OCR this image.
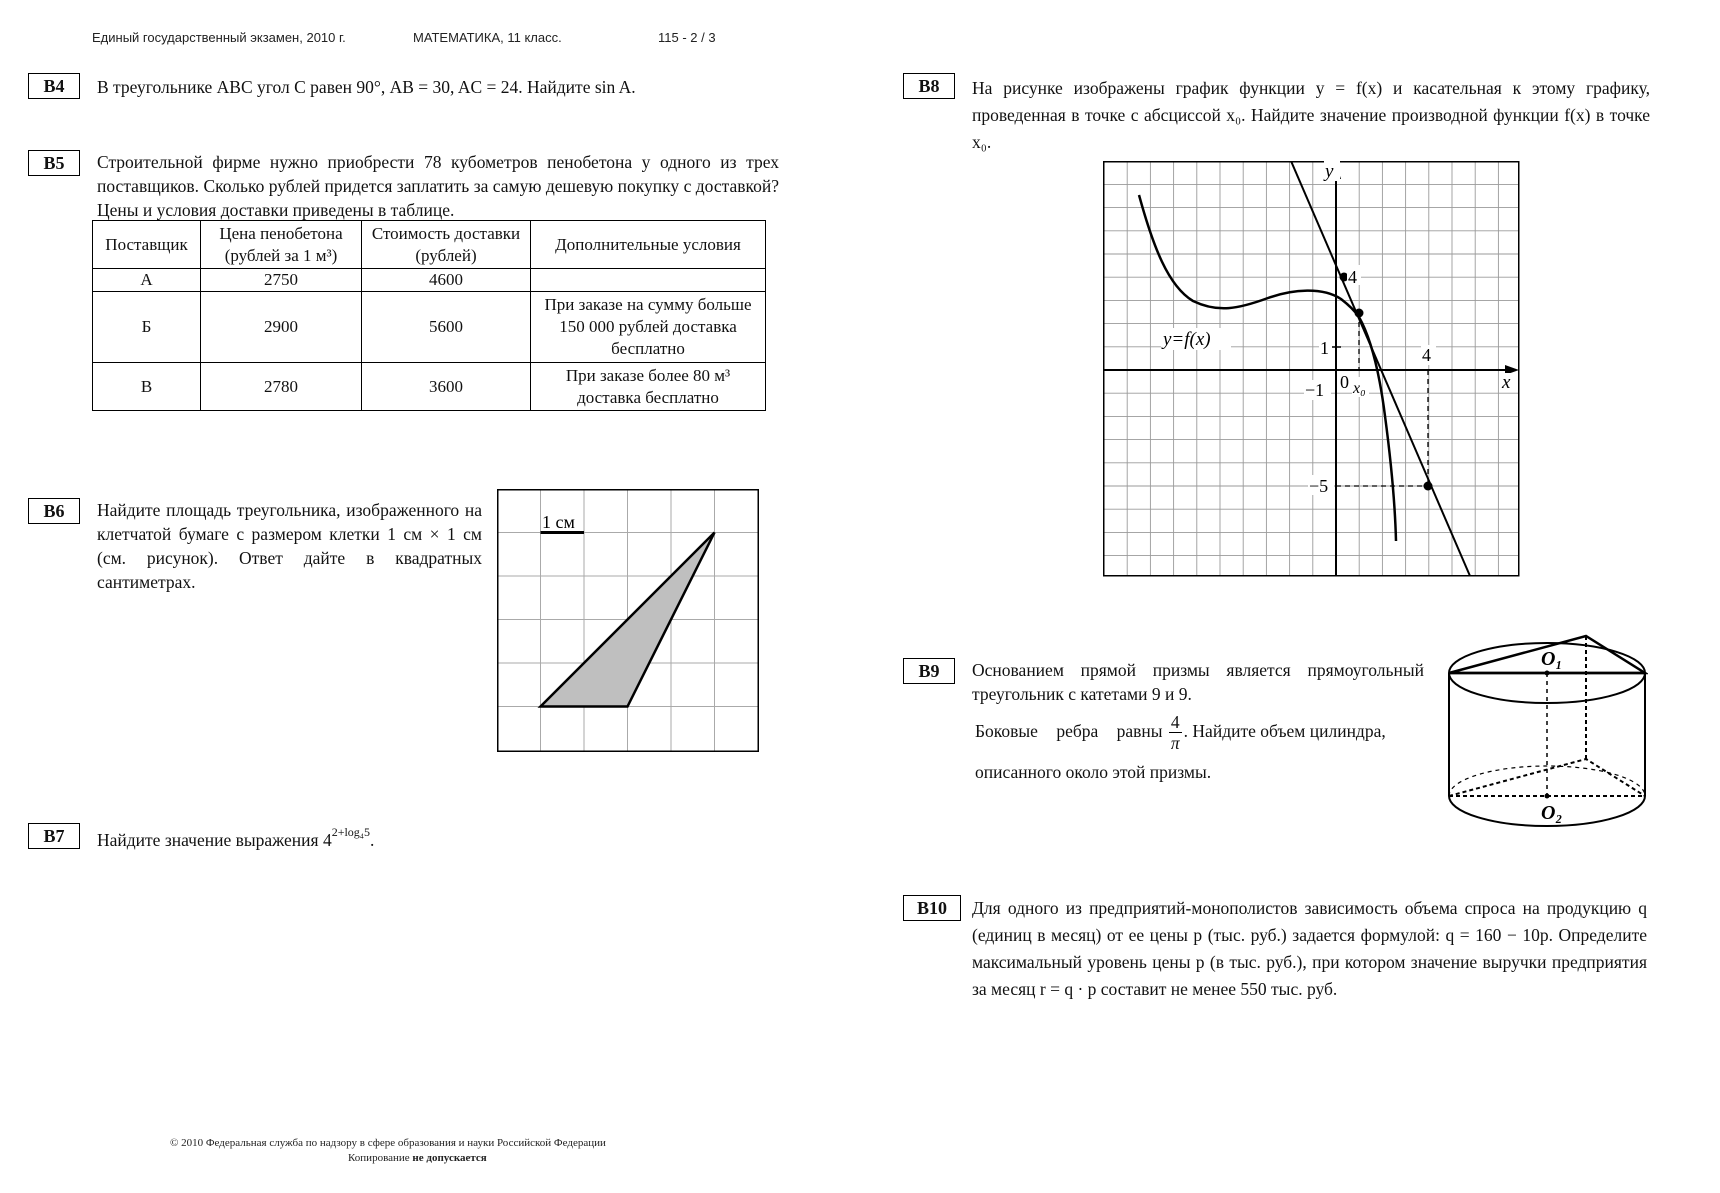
Единый государственный экзамен, 2010 г.	МАТЕМАТИКА, 11 класс.	115 - 2 / 3
B4	В треугольнике ABC угол C равен 90°, AB = 30, AC = 24. Найдите sin A.
B5	Строительной фирме нужно приобрести 78 кубометров пенобетона у одного из трех поставщиков. Сколько рублей придется заплатить за самую дешевую покупку с доставкой? Цены и условия доставки приведены в таблице.
Поставщик	Цена пенобетона (рублей за 1 м³)	Стоимость доставки (рублей)	Дополнительные условия
А	2750	4600	
Б	2900	5600	При заказе на сумму больше 150 000 рублей доставка бесплатно
В	2780	3600	При заказе более 80 м³ доставка бесплатно
B6	Найдите площадь треугольника, изображенного на клетчатой бумаге с размером клетки 1 см × 1 см (см. рисунок). Ответ дайте в квадратных сантиметрах.
1 см
B7	Найдите значение выражения $4^{2+log_45}$.
B8	На рисунке изображены график функции y = f(x) и касательная к этому графику, проведенная в точке с абсциссой x₀. Найдите значение производной функции f(x) в точке x₀.
y
x
4
1
0
−1 x₀
4
−5
y=f(x)
B9	Основанием прямой призмы является прямоугольный треугольник с катетами 9 и 9.
Боковые ребра равны $\frac{4}{\pi}$ . Найдите объем цилиндра, описанного около этой призмы.
O₁
O₂
B10	Для одного из предприятий-монополистов зависимость объема спроса на продукцию q (единиц в месяц) от ее цены p (тыс. руб.) задается формулой: q = 160 − 10p. Определите максимальный уровень цены p (в тыс. руб.), при котором значение выручки предприятия за месяц r = q · p составит не менее 550 тыс. руб.
© 2010 Федеральная служба по надзору в сфере образования и науки Российской Федерации
Копирование не допускается
